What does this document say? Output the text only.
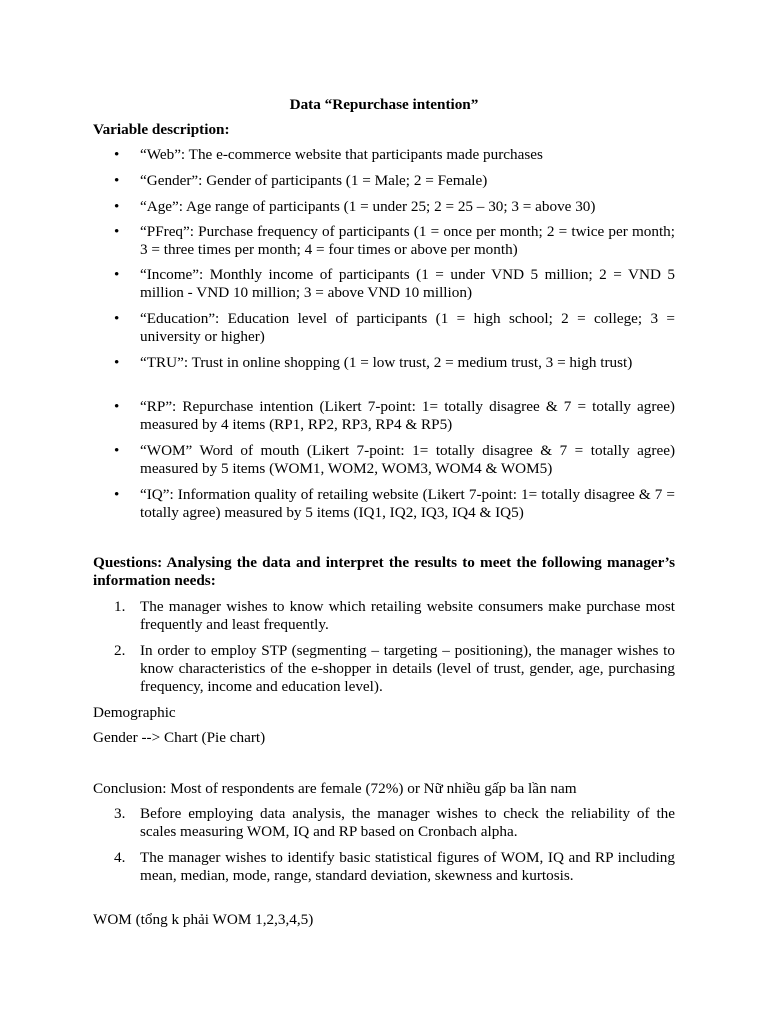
Data “Repurchase intention”
Variable description:
• “Web”: The e-commerce website that participants made purchases
• “Gender”: Gender of participants (1 = Male; 2 = Female)
• “Age”: Age range of participants (1 = under 25; 2 = 25 – 30; 3 = above 30)
• “PFreq”: Purchase frequency of participants (1 = once per month; 2 = twice per month; 3 = three times per month; 4 = four times or above per month)
• “Income”: Monthly income of participants (1 = under VND 5 million; 2 = VND 5 million - VND 10 million; 3 = above VND 10 million)
• “Education”: Education level of participants (1 = high school; 2 = college; 3 = university or higher)
• “TRU”: Trust in online shopping (1 = low trust, 2 = medium trust, 3 = high trust)
• “RP”: Repurchase intention (Likert 7-point: 1= totally disagree & 7 = totally agree) measured by 4 items (RP1, RP2, RP3, RP4 & RP5)
• “WOM” Word of mouth (Likert 7-point: 1= totally disagree & 7 = totally agree) measured by 5 items (WOM1, WOM2, WOM3, WOM4 & WOM5)
• “IQ”: Information quality of retailing website (Likert 7-point: 1= totally disagree & 7 = totally agree) measured by 5 items (IQ1, IQ2, IQ3, IQ4 & IQ5)
Questions: Analysing the data and interpret the results to meet the following manager’s information needs:
1. The manager wishes to know which retailing website consumers make purchase most frequently and least frequently.
2. In order to employ STP (segmenting – targeting – positioning), the manager wishes to know characteristics of the e-shopper in details (level of trust, gender, age, purchasing frequency, income and education level).
Demographic
Gender --> Chart (Pie chart)
Conclusion: Most of respondents are female (72%) or Nữ nhiều gấp ba lần nam
3. Before employing data analysis, the manager wishes to check the reliability of the scales measuring WOM, IQ and RP based on Cronbach alpha.
4. The manager wishes to identify basic statistical figures of WOM, IQ and RP including mean, median, mode, range, standard deviation, skewness and kurtosis.
WOM (tổng k phải WOM 1,2,3,4,5)
